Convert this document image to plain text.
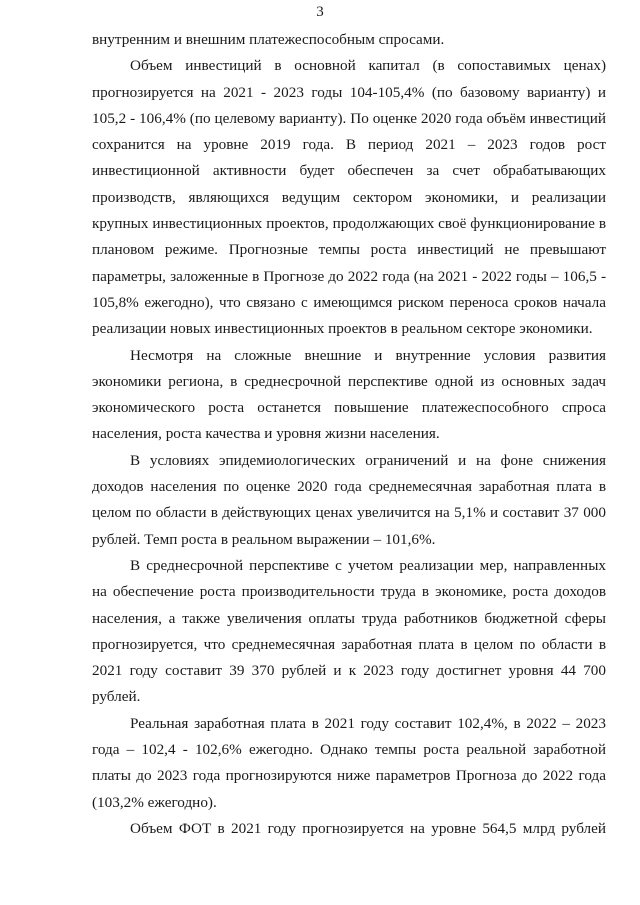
3

внутренним и внешним платежеспособным спросами.

Объем инвестиций в основной капитал (в сопоставимых ценах) прогнозируется на 2021 - 2023 годы 104-105,4% (по базовому варианту) и 105,2 - 106,4% (по целевому варианту). По оценке 2020 года объём инвестиций сохранится на уровне 2019 года. В период 2021 – 2023 годов рост инвестиционной активности будет обеспечен за счет обрабатывающих производств, являющихся ведущим сектором экономики, и реализации крупных инвестиционных проектов, продолжающих своё функционирование в плановом режиме. Прогнозные темпы роста инвестиций не превышают параметры, заложенные в Прогнозе до 2022 года (на 2021 - 2022 годы – 106,5 - 105,8% ежегодно), что связано с имеющимся риском переноса сроков начала реализации новых инвестиционных проектов в реальном секторе экономики.

Несмотря на сложные внешние и внутренние условия развития экономики региона, в среднесрочной перспективе одной из основных задач экономического роста останется повышение платежеспособного спроса населения, роста качества и уровня жизни населения.

В условиях эпидемиологических ограничений и на фоне снижения доходов населения по оценке 2020 года среднемесячная заработная плата в целом по области в действующих ценах увеличится на 5,1% и составит 37 000 рублей. Темп роста в реальном выражении – 101,6%.

В среднесрочной перспективе с учетом реализации мер, направленных на обеспечение роста производительности труда в экономике, роста доходов населения, а также увеличения оплаты труда работников бюджетной сферы прогнозируется, что среднемесячная заработная плата в целом по области в 2021 году составит 39 370 рублей и к 2023 году достигнет уровня 44 700 рублей.

Реальная заработная плата в 2021 году составит 102,4%, в 2022 – 2023 года – 102,4 - 102,6% ежегодно. Однако темпы роста реальной заработной платы до 2023 года прогнозируются ниже параметров Прогноза до 2022 года (103,2% ежегодно).

Объем ФОТ в 2021 году прогнозируется на уровне 564,5 млрд рублей
